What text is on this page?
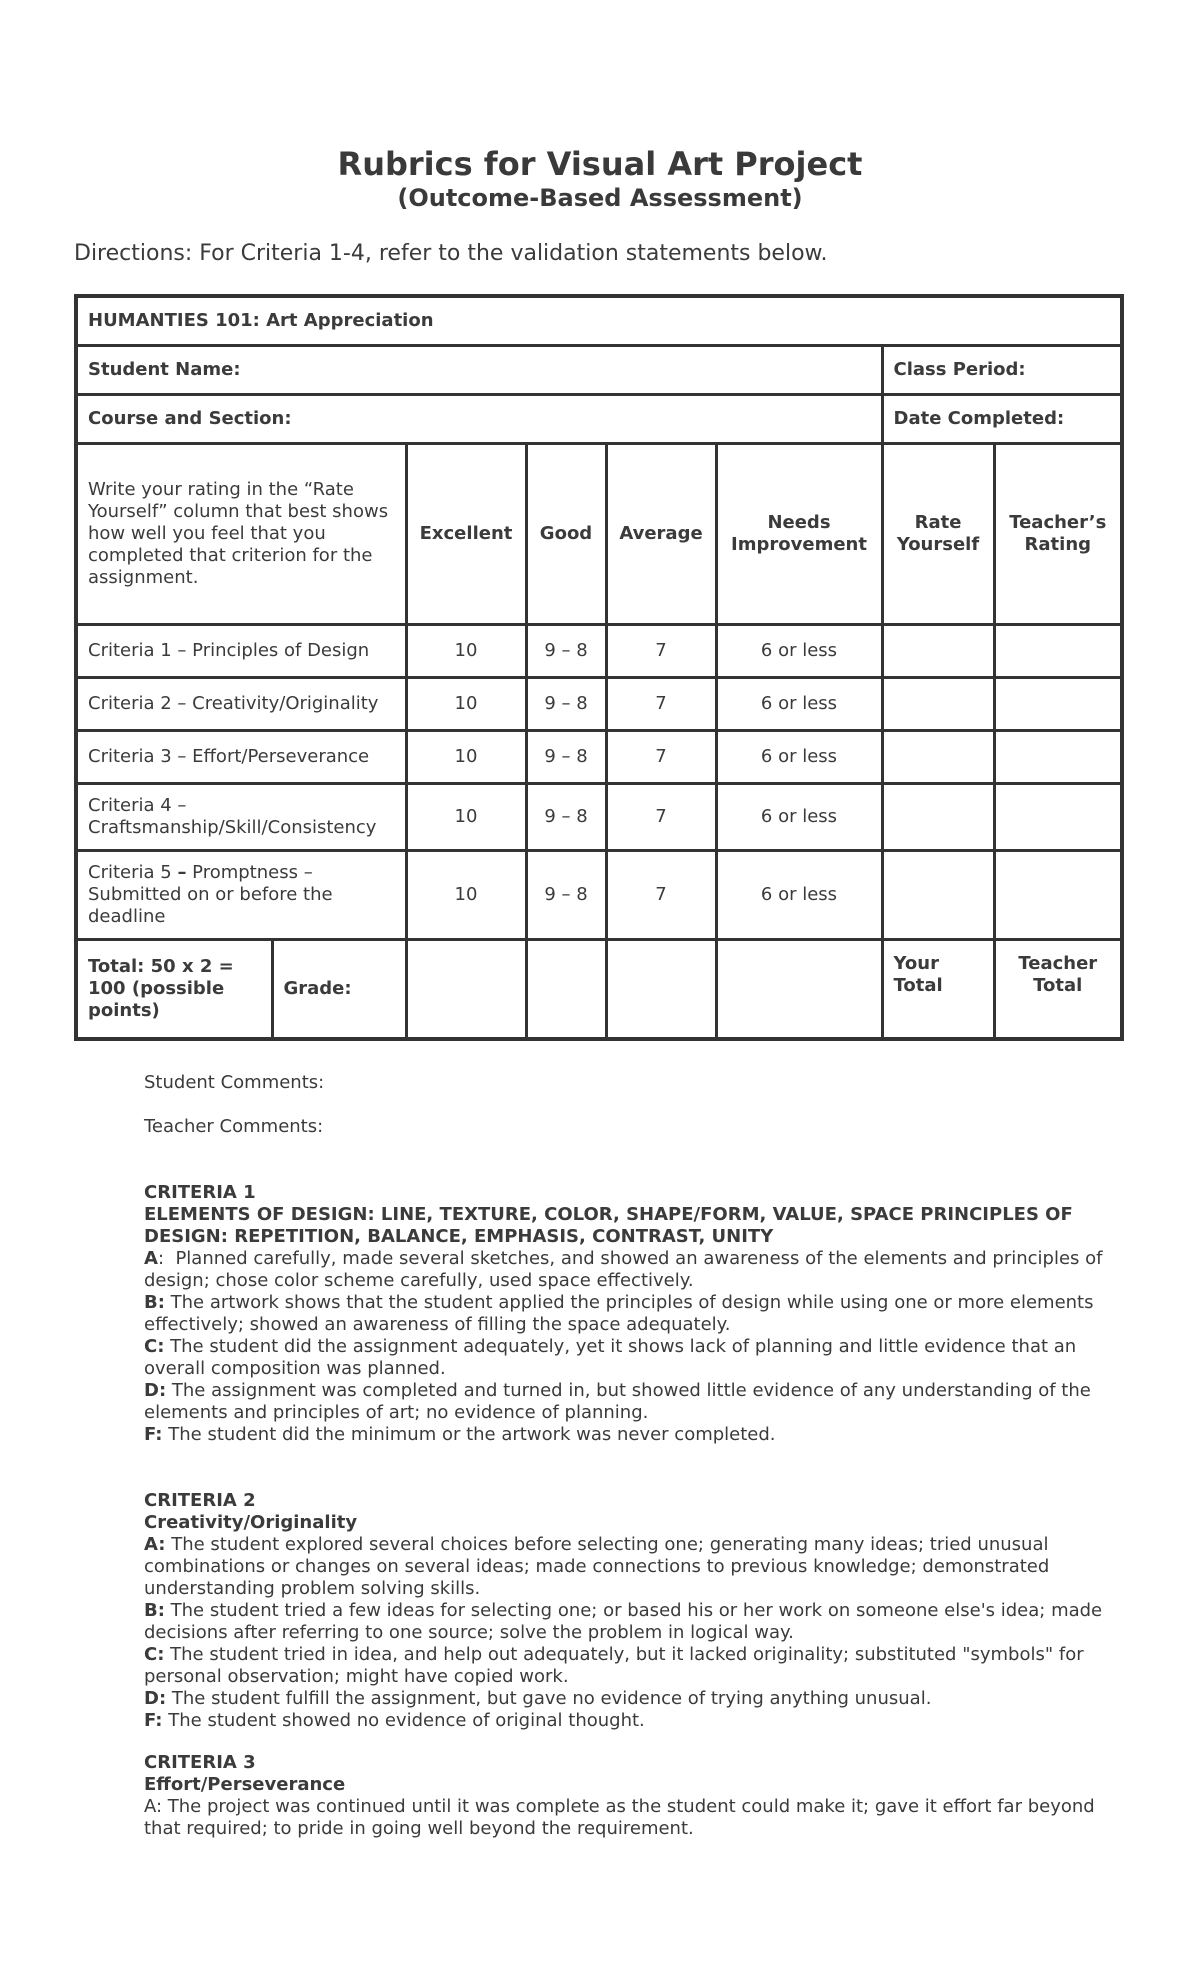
Rubrics for Visual Art Project
(Outcome-Based Assessment)
Directions: For Criteria 1-4, refer to the validation statements below.
HUMANTIES 101: Art Appreciation							
Student Name:						Class Period:	
Course and Section:						Date Completed:	
Write your rating in the “Rate Yourself” column that best shows how well you feel that you completed that criterion for the assignment.		Excellent	Good	Average	Needs Improvement	Rate Yourself	Teacher’s Rating
Criteria 1 – Principles of Design		10	9 – 8	7	6 or less		
Criteria 2 – Creativity/Originality		10	9 – 8	7	6 or less		
Criteria 3 – Effort/Perseverance		10	9 – 8	7	6 or less		
Criteria 4 – Craftsmanship/Skill/Consistency		10	9 – 8	7	6 or less		
Criteria 5 – Promptness – Submitted on or before the deadline		10	9 – 8	7	6 or less		
Total: 50 x 2 = 100 (possible points)	Grade:					Your Total	Teacher Total
Student Comments:
Teacher Comments:
CRITERIA 1
ELEMENTS OF DESIGN: LINE, TEXTURE, COLOR, SHAPE/FORM, VALUE, SPACE PRINCIPLES OF DESIGN: REPETITION, BALANCE, EMPHASIS, CONTRAST, UNITY
A:  Planned carefully, made several sketches, and showed an awareness of the elements and principles of design; chose color scheme carefully, used space effectively.
B: The artwork shows that the student applied the principles of design while using one or more elements effectively; showed an awareness of filling the space adequately.
C: The student did the assignment adequately, yet it shows lack of planning and little evidence that an overall composition was planned.
D: The assignment was completed and turned in, but showed little evidence of any understanding of the elements and principles of art; no evidence of planning.
F: The student did the minimum or the artwork was never completed.
CRITERIA 2
Creativity/Originality
A: The student explored several choices before selecting one; generating many ideas; tried unusual combinations or changes on several ideas; made connections to previous knowledge; demonstrated understanding problem solving skills.
B: The student tried a few ideas for selecting one; or based his or her work on someone else's idea; made decisions after referring to one source; solve the problem in logical way.
C: The student tried in idea, and help out adequately, but it lacked originality; substituted "symbols" for personal observation; might have copied work.
D: The student fulfill the assignment, but gave no evidence of trying anything unusual.
F: The student showed no evidence of original thought.
CRITERIA 3
Effort/Perseverance
A: The project was continued until it was complete as the student could make it; gave it effort far beyond that required; to pride in going well beyond the requirement.
